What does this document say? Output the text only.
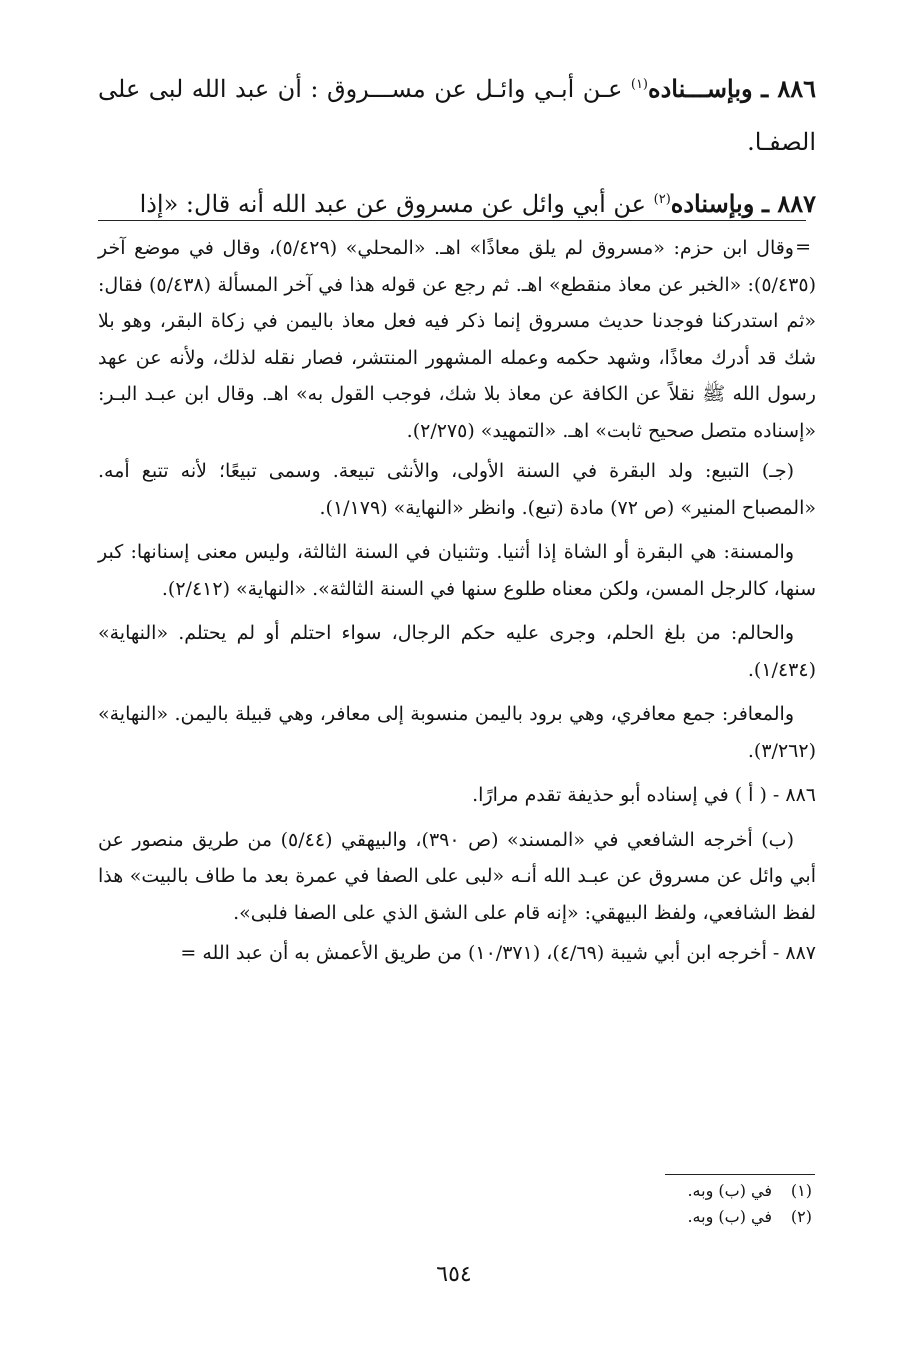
٨٨٦ ـ وبإســـناده$^{(١)}$ عـن أبـي وائـل عن مســـروق : أن عبد الله لبى على الصفـا.

٨٨٧ ـ وبإسناده$^{(٢)}$ عن أبي وائل عن مسروق عن عبد الله أنه قال: «إذا

=

وقال ابن حزم: «مسروق لم يلق معاذًا» اهـ. «المحلي» (٥/٤٢٩)، وقال في موضع آخر (٥/٤٣٥): «الخبر عن معاذ منقطع» اهـ. ثم رجع عن قوله هذا في آخر المسألة (٥/٤٣٨) فقال: «ثم استدركنا فوجدنا حديث مسروق إنما ذكر فيه فعل معاذ باليمن في زكاة البقر، وهو بلا شك قد أدرك معاذًا، وشهد حكمه وعمله المشهور المنتشر، فصار نقله لذلك، ولأنه عن عهد رسول الله ﷺ نقلاً عن الكافة عن معاذ بلا شك، فوجب القول به» اهـ. وقال ابن عبـد البـر: «إسناده متصل صحيح ثابت» اهـ. «التمهيد» (٢/٢٧٥).

(جـ) التبيع: ولد البقرة في السنة الأولى، والأنثى تبيعة. وسمى تبيعًا؛ لأنه تتبع أمه. «المصباح المنير» (ص ٧٢) مادة (تبع). وانظر «النهاية» (١/١٧٩).

والمسنة: هي البقرة أو الشاة إذا أثنيا. وتثنيان في السنة الثالثة، وليس معنى إسنانها: كبر سنها، كالرجل المسن، ولكن معناه طلوع سنها في السنة الثالثة». «النهاية» (٢/٤١٢).

والحالم: من بلغ الحلم، وجرى عليه حكم الرجال، سواء احتلم أو لم يحتلم. «النهاية» (١/٤٣٤).

والمعافر: جمع معافري، وهي برود باليمن منسوبة إلى معافر، وهي قبيلة باليمن. «النهاية» (٣/٢٦٢).

٨٨٦ - ( أ ) في إسناده أبو حذيفة تقدم مرارًا.

(ب) أخرجه الشافعي في «المسند» (ص ٣٩٠)، والبيهقي (٥/٤٤) من طريق منصور عن أبي وائل عن مسروق عن عبـد الله أنـه «لبى على الصفا في عمرة بعد ما طاف بالبيت» هذا لفظ الشافعي، ولفظ البيهقي: «إنه قام على الشق الذي على الصفا فلبى».

٨٨٧ - أخرجه ابن أبي شيبة (٤/٦٩)، (١٠/٣٧١) من طريق الأعمش به أن عبد الله =

(١)في (ب) وبه.
(٢)في (ب) وبه.
٦٥٤
